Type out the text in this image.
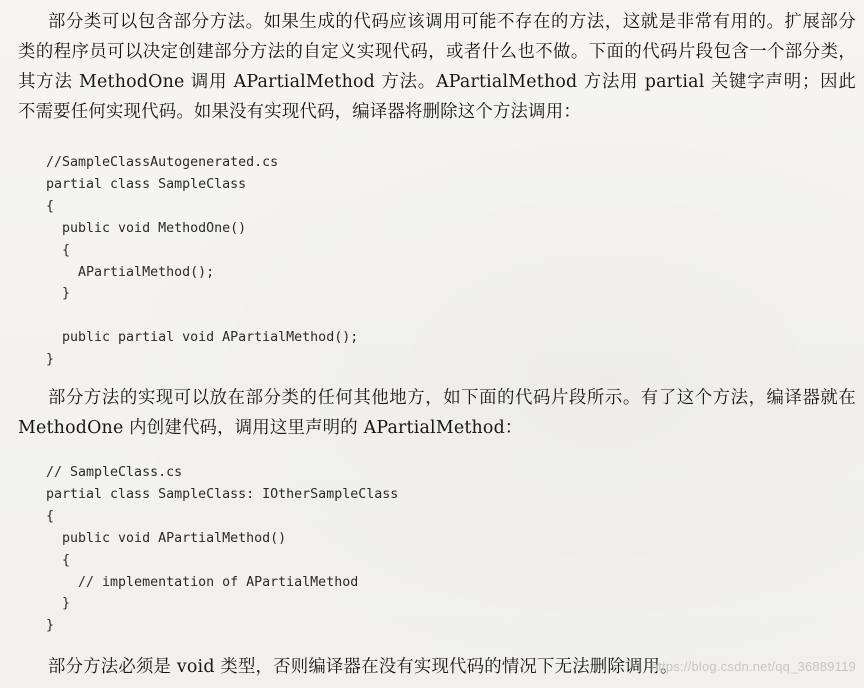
部分类可以包含部分方法。如果生成的代码应该调用可能不存在的方法，这就是非常有用的。扩展部分类的程序员可以决定创建部分方法的自定义实现代码，或者什么也不做。下面的代码片段包含一个部分类，其方法 MethodOne 调用 APartialMethod 方法。APartialMethod 方法用 partial 关键字声明；因此不需要任何实现代码。如果没有实现代码，编译器将删除这个方法调用：

//SampleClassAutogenerated.cs
partial class SampleClass
{
public void MethodOne()
{
APartialMethod();
}

public partial void APartialMethod();
}

部分方法的实现可以放在部分类的任何其他地方，如下面的代码片段所示。有了这个方法，编译器就在 MethodOne 内创建代码，调用这里声明的 APartialMethod：

// SampleClass.cs
partial class SampleClass: IOtherSampleClass
{
public void APartialMethod()
{
// implementation of APartialMethod
}
}

部分方法必须是 void 类型，否则编译器在没有实现代码的情况下无法删除调用。

https://blog.csdn.net/qq_36889119
